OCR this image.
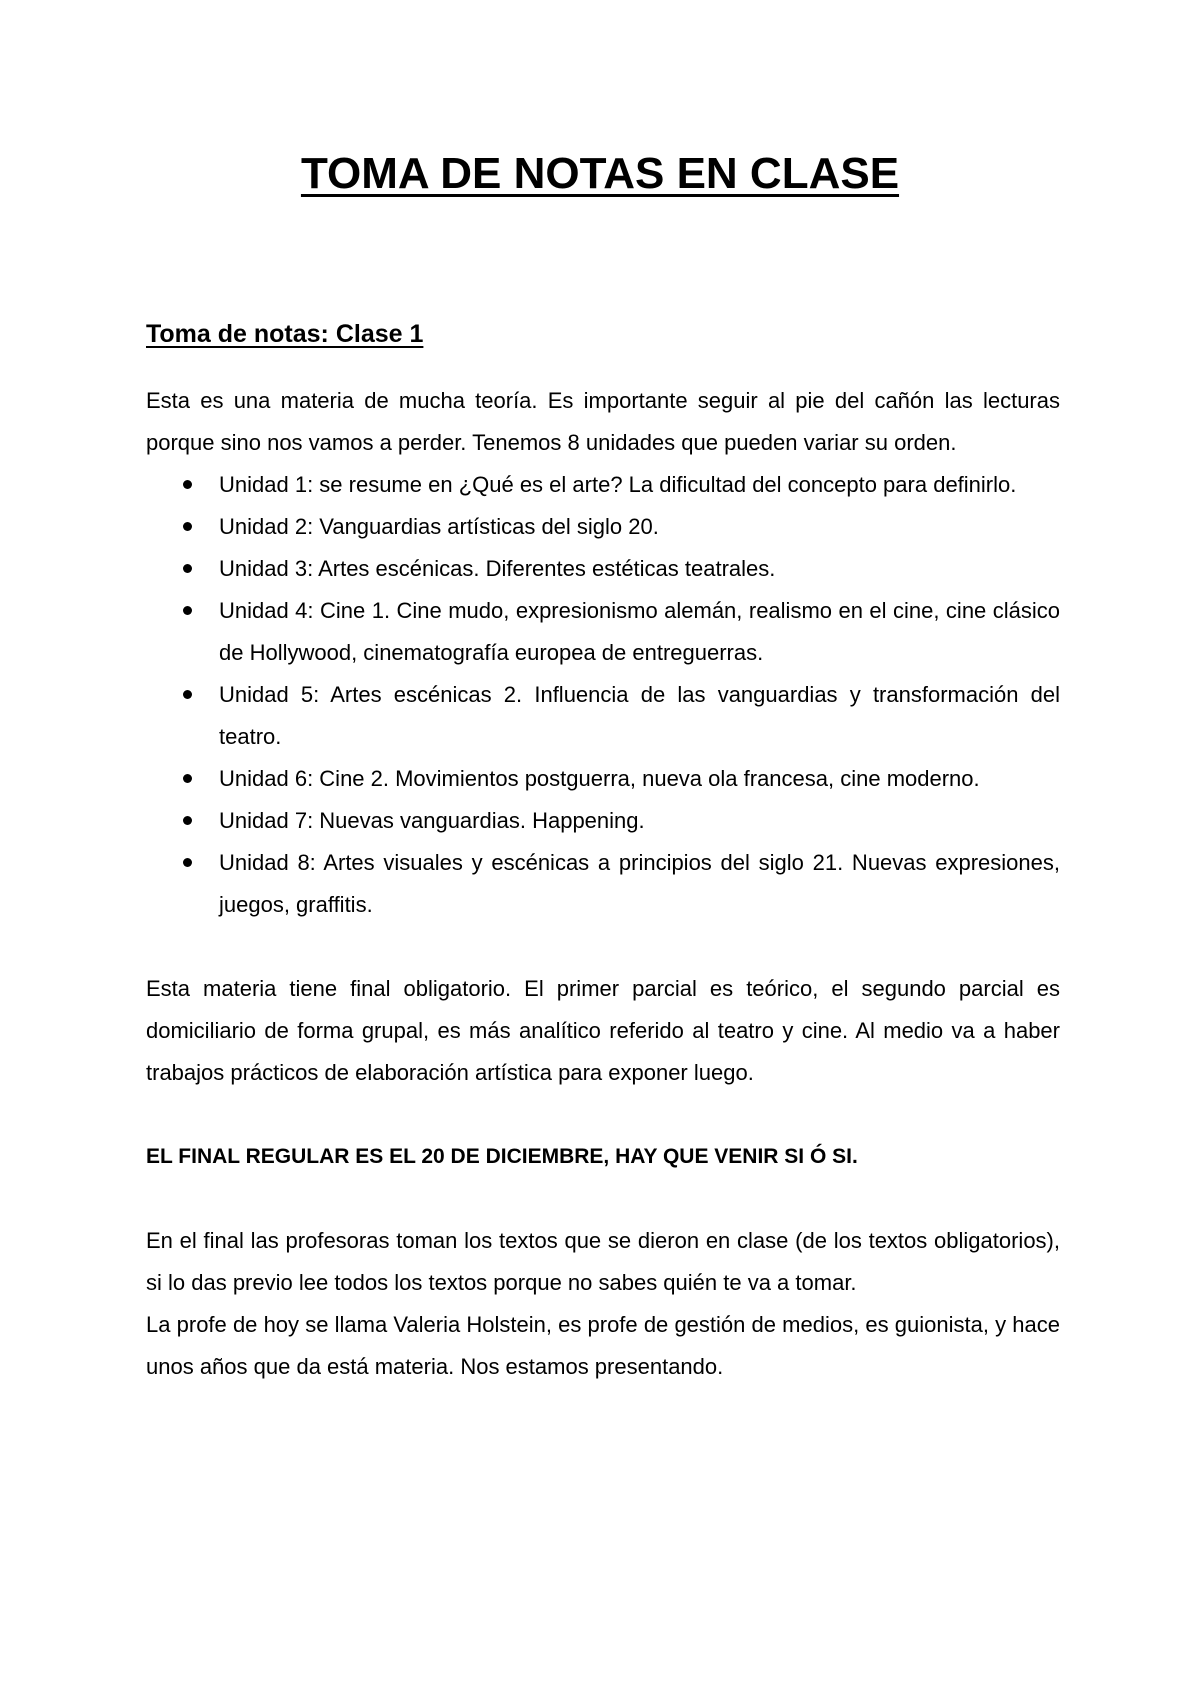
TOMA DE NOTAS EN CLASE
Toma de notas: Clase 1

Esta es una materia de mucha teoría. Es importante seguir al pie del cañón las lecturas porque sino nos vamos a perder. Tenemos 8 unidades que pueden variar su orden.

Unidad 1: se resume en ¿Qué es el arte? La dificultad del concepto para definirlo.
Unidad 2: Vanguardias artísticas del siglo 20.
Unidad 3: Artes escénicas. Diferentes estéticas teatrales.
Unidad 4: Cine 1. Cine mudo, expresionismo alemán, realismo en el cine, cine clásico de Hollywood, cinematografía europea de entreguerras.
Unidad 5: Artes escénicas 2. Influencia de las vanguardias y transformación del teatro.
Unidad 6: Cine 2. Movimientos postguerra, nueva ola francesa, cine moderno.
Unidad 7: Nuevas vanguardias. Happening.
Unidad 8: Artes visuales y escénicas a principios del siglo 21. Nuevas expresiones, juegos, graffitis.

Esta materia tiene final obligatorio. El primer parcial es teórico, el segundo parcial es domiciliario de forma grupal, es más analítico referido al teatro y cine. Al medio va a haber trabajos prácticos de elaboración artística para exponer luego.

EL FINAL REGULAR ES EL 20 DE DICIEMBRE, HAY QUE VENIR SI Ó SI.

En el final las profesoras toman los textos que se dieron en clase (de los textos obligatorios), si lo das previo lee todos los textos porque no sabes quién te va a tomar.

La profe de hoy se llama Valeria Holstein, es profe de gestión de medios, es guionista, y hace unos años que da está materia. Nos estamos presentando.
